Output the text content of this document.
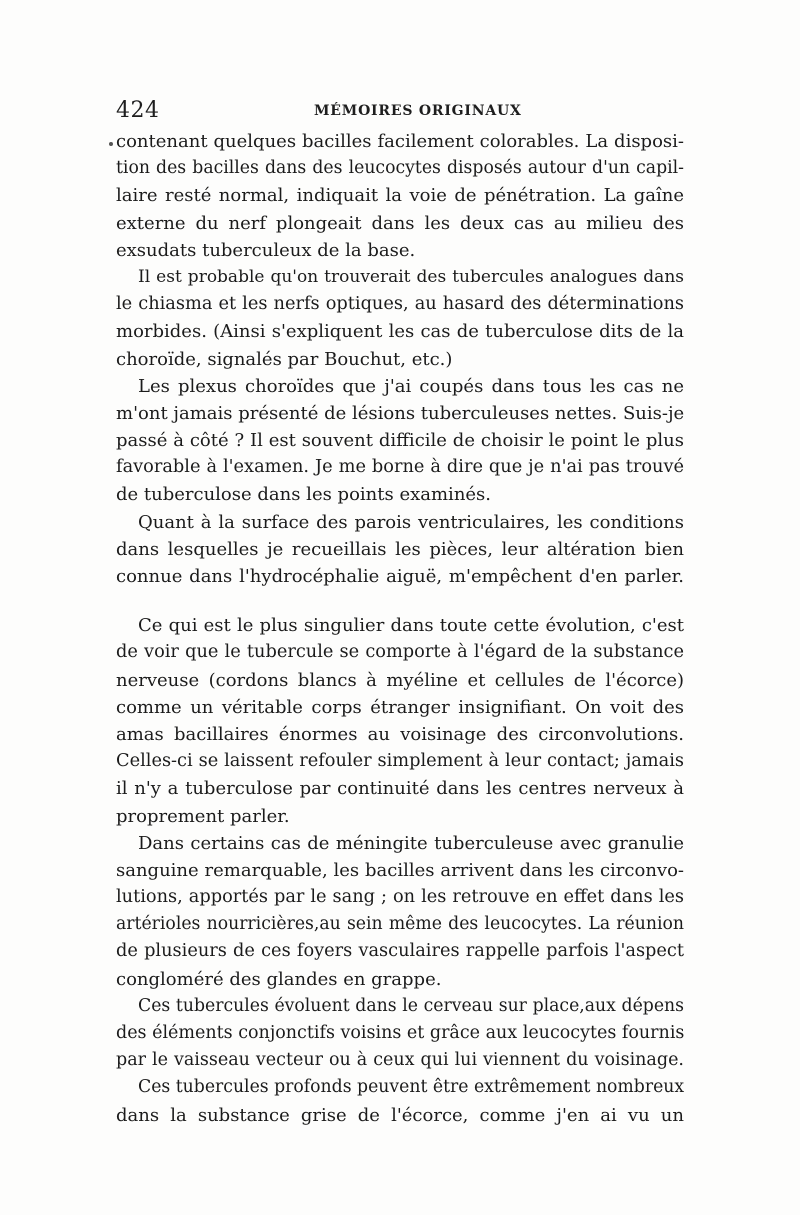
424	MÉMOIRES ORIGINAUX
contenant quelques bacilles facilement colorables. La disposi-
tion des bacilles dans des leucocytes disposés autour d'un capil-
laire resté normal, indiquait la voie de pénétration. La gaîne
externe du nerf plongeait dans les deux cas au milieu des
exsudats tuberculeux de la base.
Il est probable qu'on trouverait des tubercules analogues dans
le chiasma et les nerfs optiques, au hasard des déterminations
morbides. (Ainsi s'expliquent les cas de tuberculose dits de la
choroïde, signalés par Bouchut, etc.)
Les plexus choroïdes que j'ai coupés dans tous les cas ne
m'ont jamais présenté de lésions tuberculeuses nettes. Suis-je
passé à côté ? Il est souvent difficile de choisir le point le plus
favorable à l'examen. Je me borne à dire que je n'ai pas trouvé
de tuberculose dans les points examinés.
Quant à la surface des parois ventriculaires, les conditions
dans lesquelles je recueillais les pièces, leur altération bien
connue dans l'hydrocéphalie aiguë, m'empêchent d'en parler.
Ce qui est le plus singulier dans toute cette évolution, c'est
de voir que le tubercule se comporte à l'égard de la substance
nerveuse (cordons blancs à myéline et cellules de l'écorce)
comme un véritable corps étranger insignifiant. On voit des
amas bacillaires énormes au voisinage des circonvolutions.
Celles-ci se laissent refouler simplement à leur contact; jamais
il n'y a tuberculose par continuité dans les centres nerveux à
proprement parler.
Dans certains cas de méningite tuberculeuse avec granulie
sanguine remarquable, les bacilles arrivent dans les circonvo-
lutions, apportés par le sang ; on les retrouve en effet dans les
artérioles nourricières,au sein même des leucocytes. La réunion
de plusieurs de ces foyers vasculaires rappelle parfois l'aspect
congloméré des glandes en grappe.
Ces tubercules évoluent dans le cerveau sur place,aux dépens
des éléments conjonctifs voisins et grâce aux leucocytes fournis
par le vaisseau vecteur ou à ceux qui lui viennent du voisinage.
Ces tubercules profonds peuvent être extrêmement nombreux
dans la substance grise de l'écorce, comme j'en ai vu un
